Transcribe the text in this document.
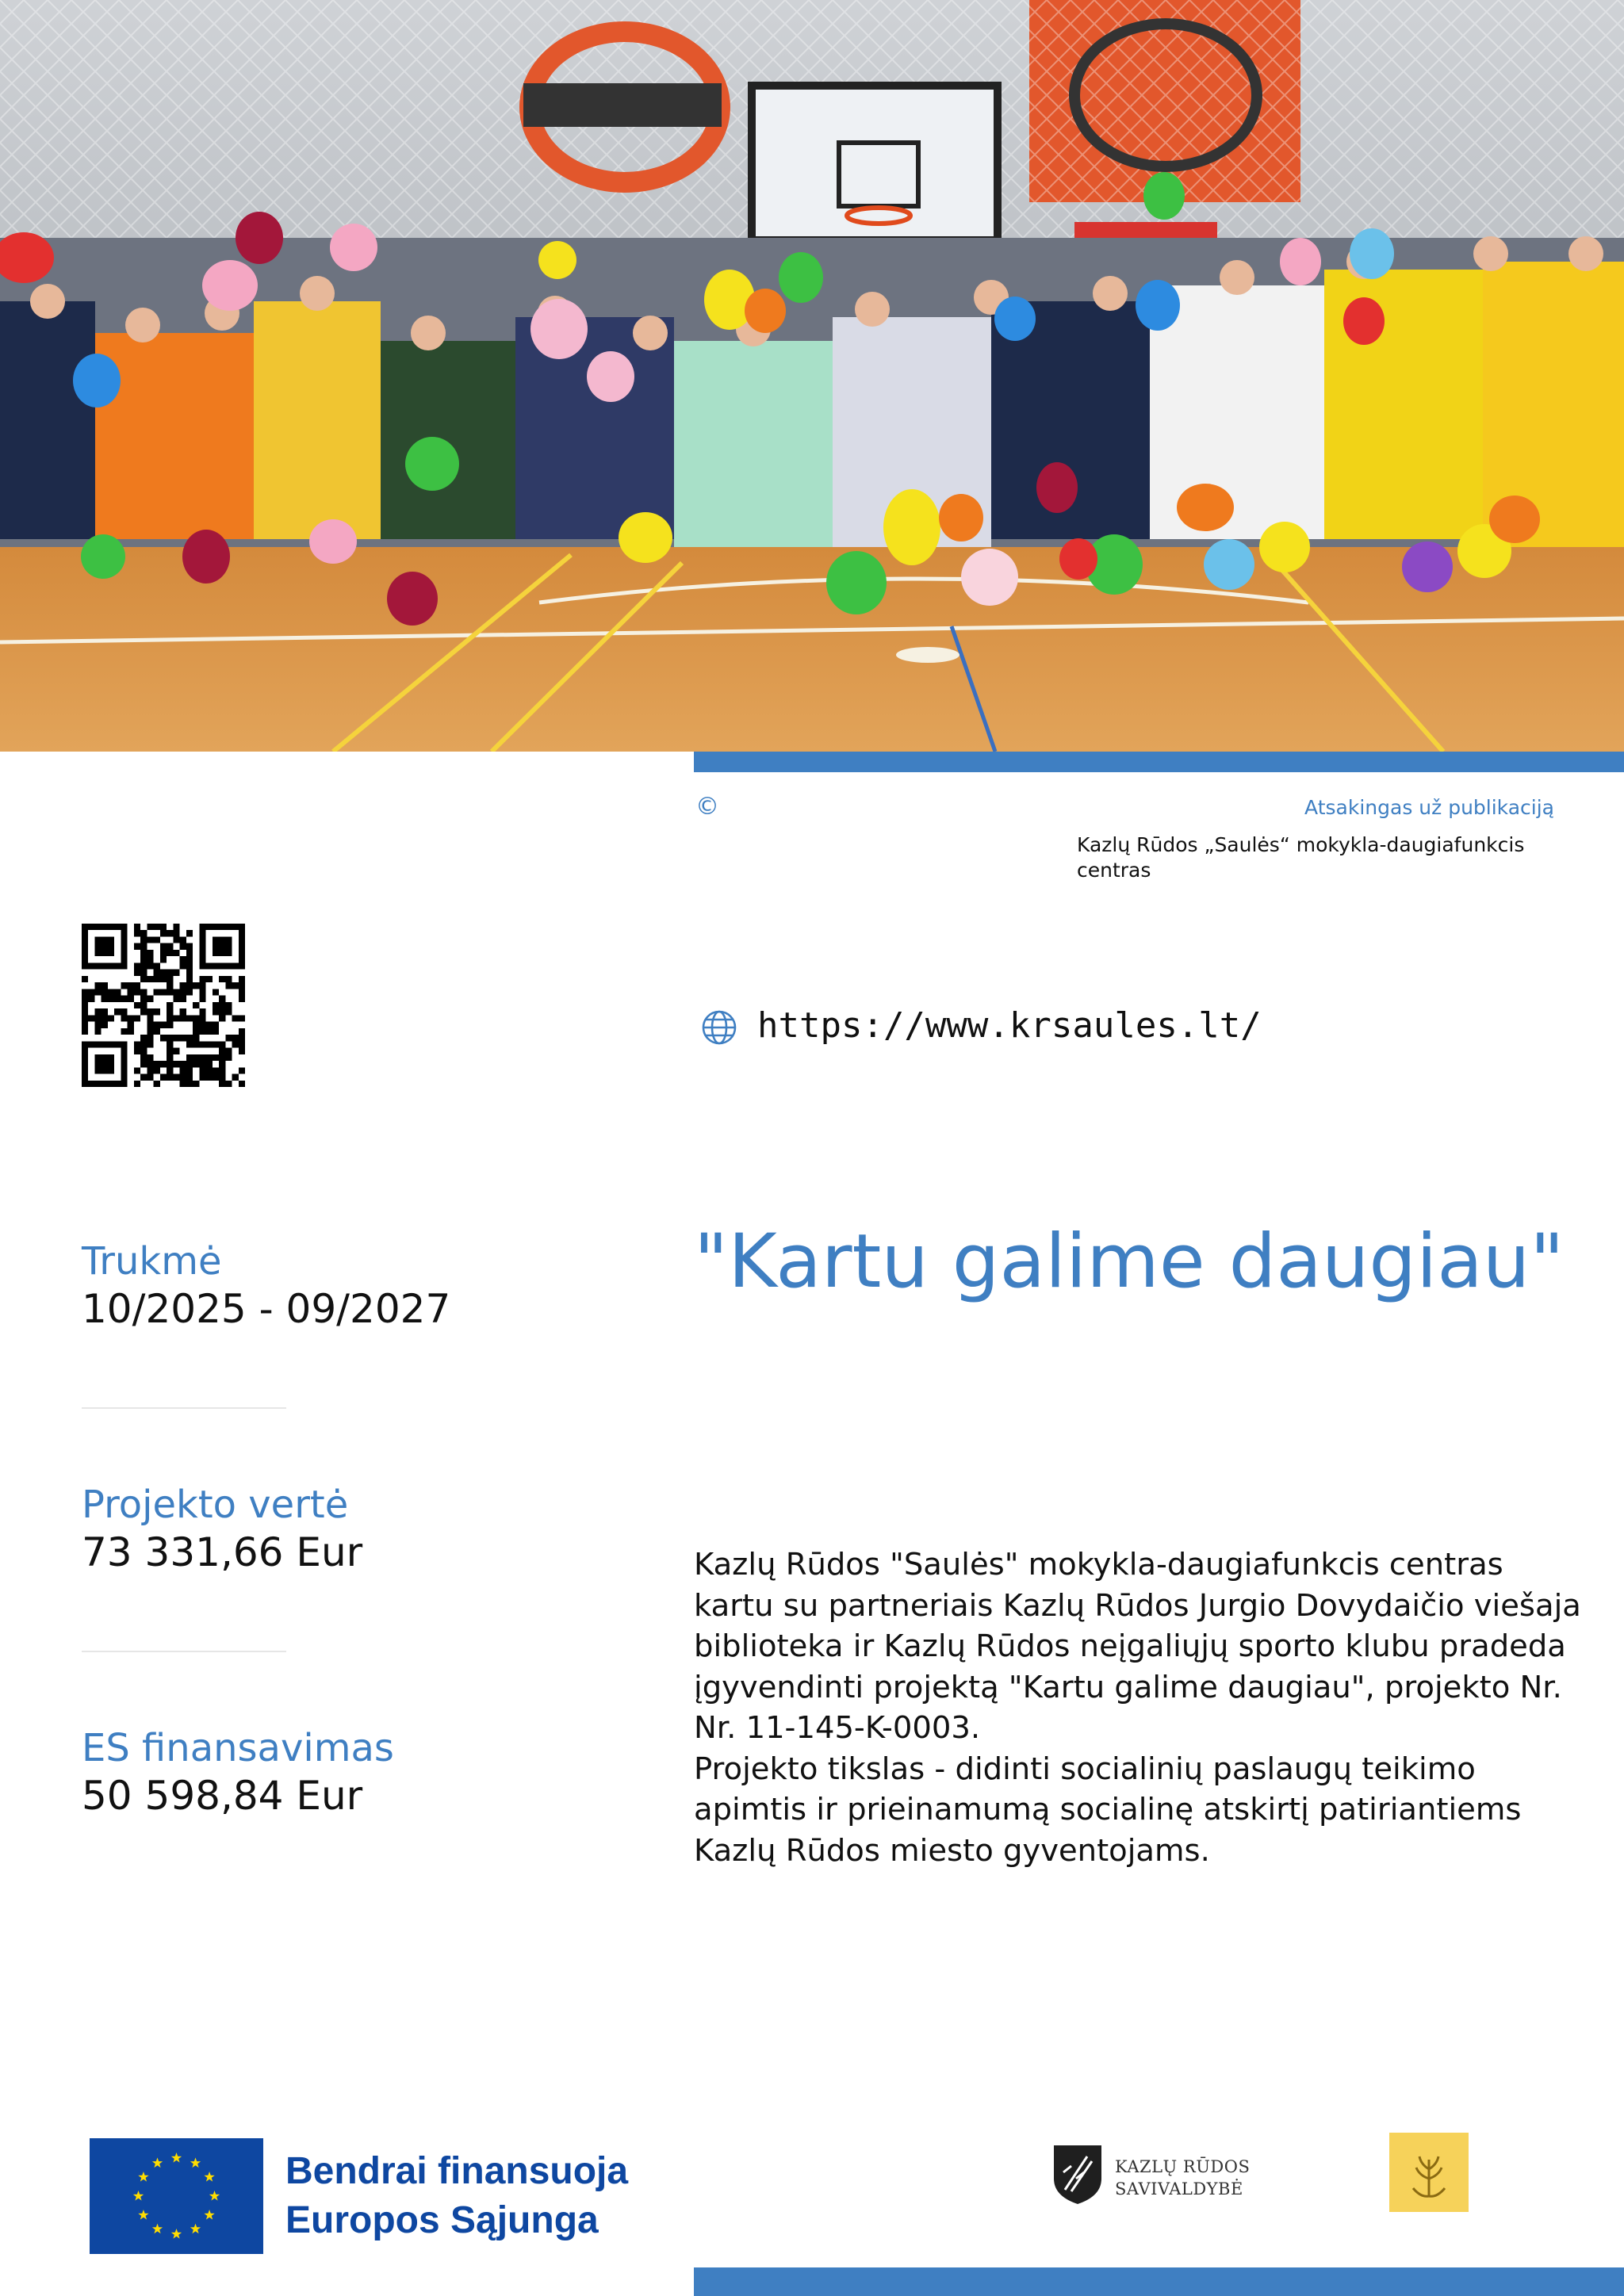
©	Atsakingas už publikaciją
Kazlų Rūdos „Saulės“ mokykla-daugiafunkcis centras
https://www.krsaules.lt/
Trukmė
10/2025 - 09/2027
Projekto vertė
73 331,66 Eur
ES finansavimas
50 598,84 Eur
"Kartu galime daugiau"
Kazlų Rūdos "Saulės" mokykla-daugiafunkcis centras kartu su partneriais Kazlų Rūdos Jurgio Dovydaičio viešaja biblioteka ir Kazlų Rūdos neįgaliųjų sporto klubu pradeda įgyvendinti projektą "Kartu galime daugiau", projekto Nr. Nr. 11-145-K-0003.
Projekto tikslas - didinti socialinių paslaugų teikimo apimtis ir prieinamumą socialinę atskirtį patiriantiems Kazlų Rūdos miesto gyventojams.
Bendrai finansuoja
Europos Sąjunga
KAZLŲ RŪDOS
SAVIVALDYBĖ
